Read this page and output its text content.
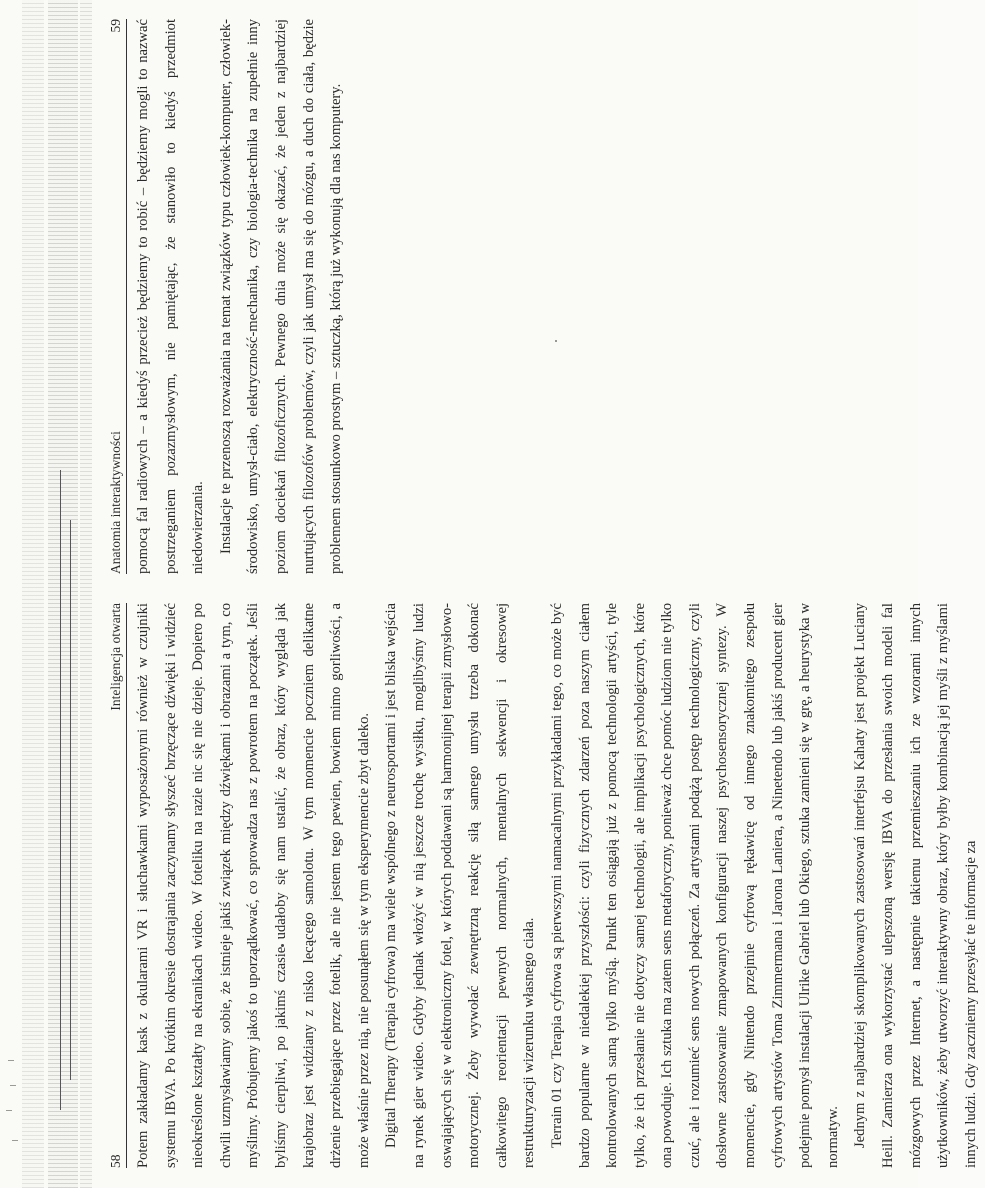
58
Inteligencja otwarta Potem zakładamy kask z okularami VR i słuchawkami wyposażonymi również w czujniki systemu IBVA. Po krótkim okresie dostrajania zaczynamy słyszeć brzęczące dźwięki i widzieć nieokreślone kształty na ekranikach wideo. W foteliku na razie nic się nie dzieje. Dopiero po chwili uzmysławiamy sobie, że istnieje jakiś związek między dźwiękami i obrazami a tym, co myślimy. Próbujemy jakoś to uporządkować, co sprowadza nas z powrotem na początek. Jeśli byliśmy cierpliwi, po jakimś czasie udałoby się nam ustalić, że obraz, który wygląda jak krajobraz jest widziany z nisko lecącego samolotu. W tym momencie poczniem delikatne drżenie przebiegające przez fotelik, ale nie jestem tego pewien, bowiem mimo gorliwości, a może właśnie przez nią, nie posunąłem się w tym eksperymencie zbyt daleko. Digital Therapy (Terapia cyfrowa) ma wiele wspólnego z neurosportami i jest bliska wejścia na rynek gier wideo. Gdyby jednak włożyć w nią jeszcze trochę wysiłku, moglibyśmy ludzi oswajających się w elektroniczny fotel, w których poddawani są harmonijnej terapii zmysłowo-motorycznej. Żeby wywołać zewnętrzną reakcję siłą samego umysłu trzeba dokonać całkowitego reorientacji pewnych normalnych, mentalnych sekwencji i okresowej restrukturyzacji wizerunku własnego ciała. Terrain 01 czy Terapia cyfrowa są pierwszymi namacalnymi przykładami tego, co może być bardzo popularne w niedalekiej przyszłości: czyli fizycznych zdarzeń poza naszym ciałem kontrolowanych samą tylko myślą. Punkt ten osiągają już z pomocą technologii artyści, tyle tylko, że ich przesłanie nie dotyczy samej technologii, ale implikacji psychologicznych, które ona powoduje. Ich sztuka ma zatem sens metaforyczny, ponieważ chce pomóc ludziom nie tylko czuć, ale i rozumieć sens nowych połączeń. Za artystami podążą postęp technologiczny, czyli dosłowne zastosowanie zmapowanych konfiguracji naszej psychosensorycznej syntezy. W momencie, gdy Nintendo przejmie cyfrową rękawicę od innego znakomitego zespołu cyfrowych artystów Toma Zimmermana i Jarona Laniera, a Ninetendo lub jakiś producent gier podejmie pomysł instalacji Ulrike Gabriel lub Okiego, sztuka zamieni się w grę, a heurystyka w normatyw. Jednym z najbardziej skomplikowanych zastosowań interfejsu Kahaty jest projekt Luciany Heill. Zamierza ona wykorzystać ulepszoną wersję IBVA do przesłania swoich modeli fal mózgowych przez Internet, a następnie takiemu przemieszaniu ich ze wzorami innych użytkowników, żeby utworzyć interaktywny obraz, który byłby kombinacją jej myśli z myślami innych ludzi. Gdy zaczniemy przesyłać te informacje za

Anatomia interaktywności
59 pomocą fal radiowych – a kiedyś przecież będziemy to robić – będziemy mogli to nazwać postrzeganiem pozazmysłowym, nie pamiętając, że stanowiło to kiedyś przedmiot niedowierzania. Instalacje te przenoszą rozważania na temat związków typu człowiek-komputer, człowiek-środowisko, umysł-ciało, elektryczność-mechanika, czy biologia-technika na zupełnie inny poziom dociekań filozoficznych. Pewnego dnia może się okazać, że jeden z najbardziej nurtujących filozofów problemów, czyli jak umysł ma się do mózgu, a duch do ciała, będzie problemem stosunkowo prostym – sztuczką, którą już wykonują dla nas komputery.
